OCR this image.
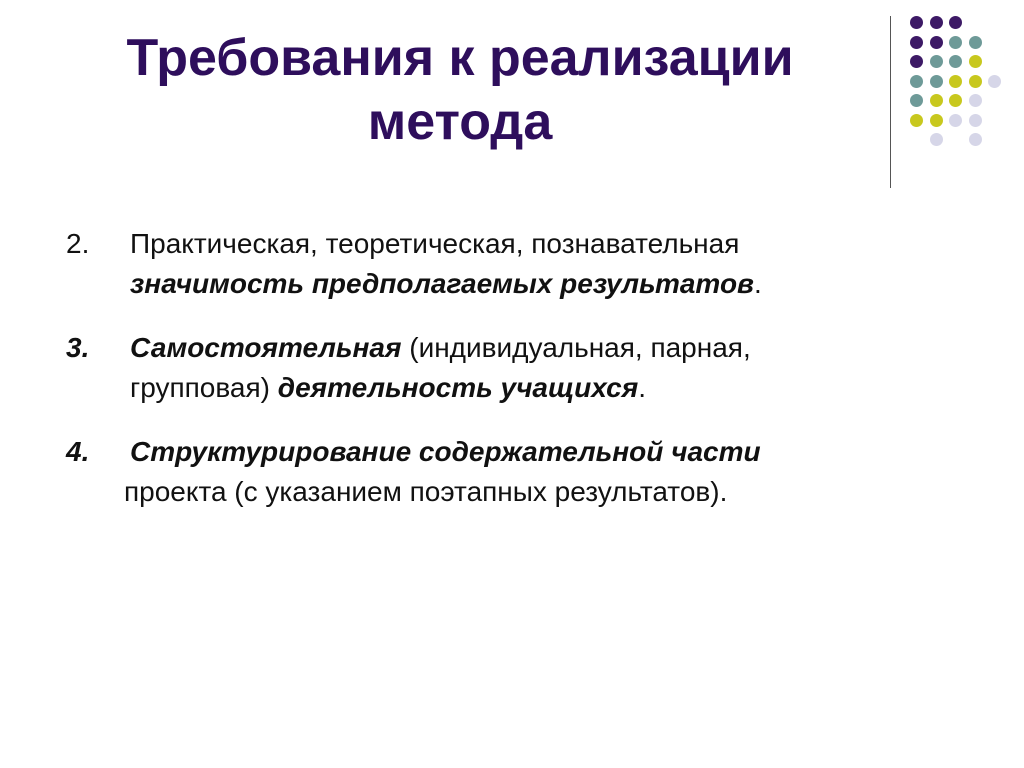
Требования к реализации
метода
2. Практическая, теоретическая, познавательная
значимость предполагаемых результатов.
3. Самостоятельная (индивидуальная, парная,
групповая) деятельность учащихся.
4. Структурирование содержательной части
проекта (с указанием поэтапных результатов).
